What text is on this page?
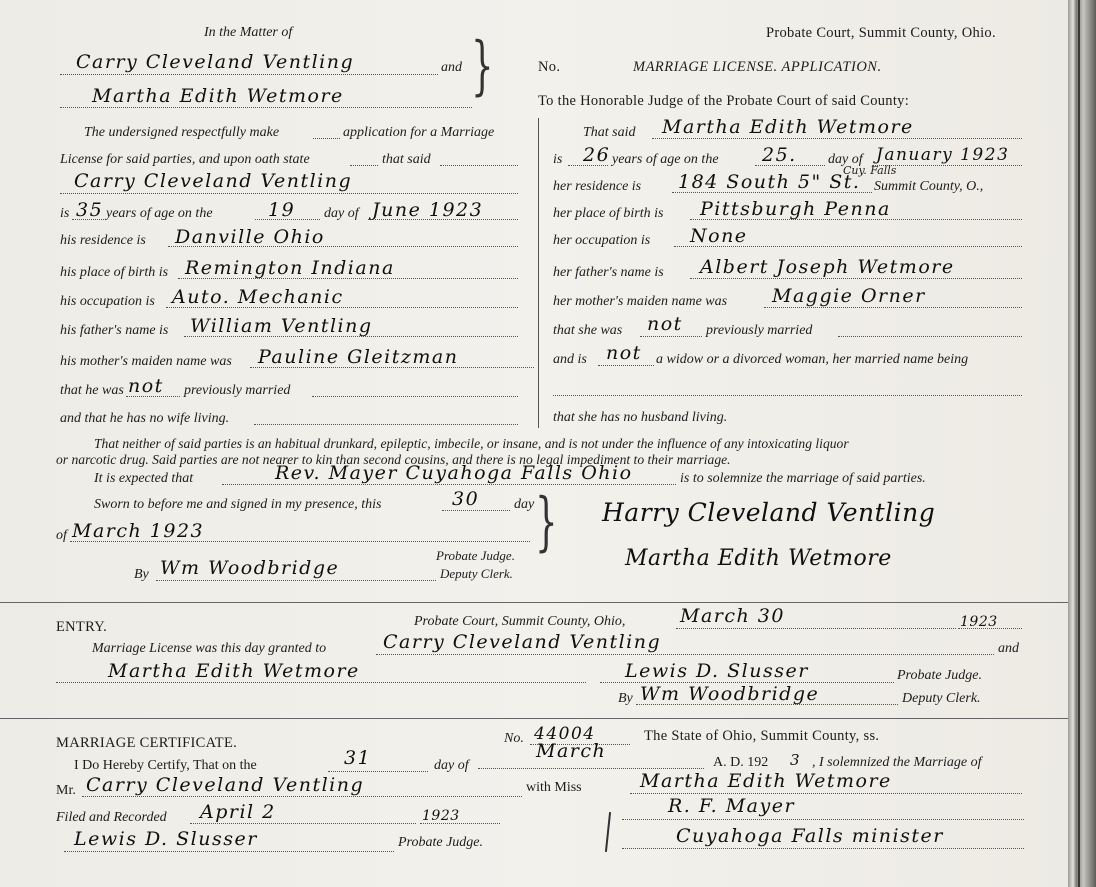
In the Matter of
Carry Cleveland Ventling	and
Martha Edith Wetmore }
The undersigned respectfully make	application for a Marriage
License for said parties, and upon oath state	that said
Carry Cleveland Ventling
is 35 years of age on the	19 day of June 1923
his residence is Danville Ohio
his place of birth is Remington Indiana
his occupation is Auto. Mechanic
his father's name is William Ventling
his mother's maiden name was Pauline Gleitzman
that he was not previously married
and that he has no wife living.
Probate Court, Summit County, Ohio.
No.	MARRIAGE LICENSE. APPLICATION.
To the Honorable Judge of the Probate Court of said County:
That said Martha Edith Wetmore
is 26 years of age on the 25. day of January 1923
her residence is 184 South 5" St.
Cuy. Falls
Summit County, O.,
her place of birth is Pittsburgh Penna
her occupation is None
her father's name is Albert Joseph Wetmore
her mother's maiden name was Maggie Orner
that she was not previously married
and is not a widow or a divorced woman, her married name being
that she has no husband living.
That neither of said parties is an habitual drunkard, epileptic, imbecile, or insane, and is not under the influence of any intoxicating liquor
or narcotic drug. Said parties are not nearer to kin than second cousins, and there is no legal impediment to their marriage.
It is expected that	Rev. Mayer Cuyahoga Falls Ohio	is to solemnize the marriage of said parties.
Sworn to before me and signed in my presence, this	30 day
of March 1923
Probate Judge.
By Wm Woodbridge	Deputy Clerk.
} Harry Cleveland Ventling
Martha Edith Wetmore
ENTRY.	Probate Court, Summit County, Ohio,	March 30	1923
Marriage License was this day granted to	Carry Cleveland Ventling	and
Martha Edith Wetmore	Lewis D. Slusser	Probate Judge.
By Wm Woodbridge	Deputy Clerk.
MARRIAGE CERTIFICATE.	No. 44004	The State of Ohio, Summit County, ss.
I Do Hereby Certify, That on the	31	day of
March
A. D. 192 3 , I solemnized the Marriage of
Mr. Carry Cleveland Ventling	with Miss	Martha Edith Wetmore
Filed and Recorded April 2	1923	R. F. Mayer
Lewis D. Slusser	Probate Judge.	Cuyahoga Falls minister
